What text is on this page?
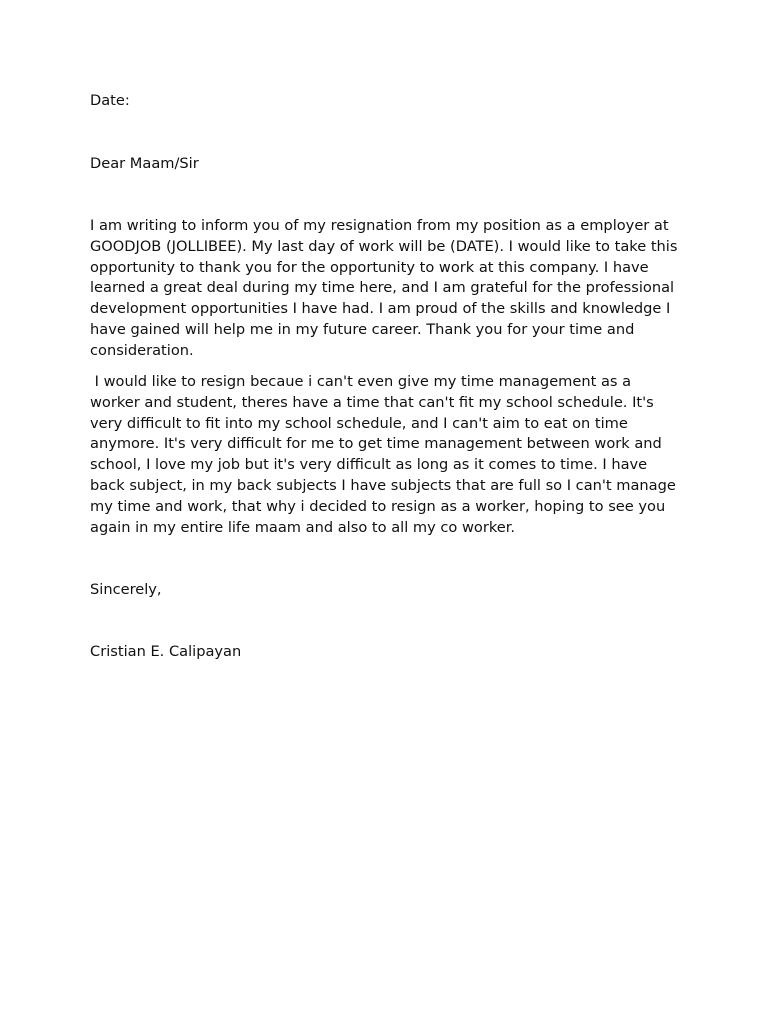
Date:

Dear Maam/Sir

I am writing to inform you of my resignation from my position as a employer at GOODJOB (JOLLIBEE). My last day of work will be (DATE). I would like to take this opportunity to thank you for the opportunity to work at this company. I have learned a great deal during my time here, and I am grateful for the professional development opportunities I have had. I am proud of the skills and knowledge I have gained will help me in my future career. Thank you for your time and consideration.

I would like to resign becaue i can't even give my time management as a worker and student, theres have a time that can't fit my school schedule. It's very difficult to fit into my school schedule, and I can't aim to eat on time anymore. It's very difficult for me to get time management between work and school, I love my job but it's very difficult as long as it comes to time. I have back subject, in my back subjects I have subjects that are full so I can't manage my time and work, that why i decided to resign as a worker, hoping to see you again in my entire life maam and also to all my co worker.

Sincerely,

Cristian E. Calipayan
